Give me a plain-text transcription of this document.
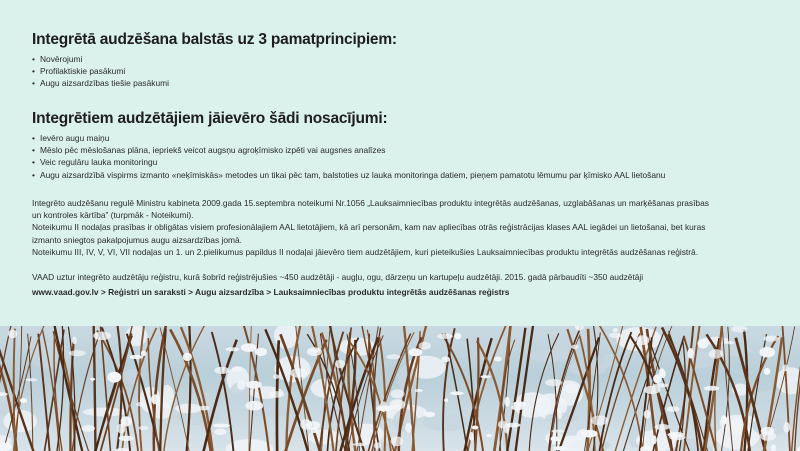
Integrētā audzēšana balstās uz 3 pamatprincipiem:
• Novērojumi
• Profilaktiskie pasākumi
• Augu aizsardzības tiešie pasākumi
Integrētiem audzētājiem jāievēro šādi nosacījumi:
• Ievēro augu maiņu
• Mēslo pēc mēslošanas plāna, iepriekš veicot augsņu agroķīmisko izpēti vai augsnes analīzes
• Veic regulāru lauka monitoringu
• Augu aizsardzībā vispirms izmanto «neķīmiskās» metodes un tikai pēc tam, balstoties uz lauka monitoringa datiem, pieņem pamatotu lēmumu par ķīmisko AAL lietošanu
Integrēto audzēšanu regulē Ministru kabineta 2009.gada 15.septembra noteikumi Nr.1056 „Lauksaimniecības produktu integrētās audzēšanas, uzglabāšanas un marķēšanas prasības
un kontroles kārtība” (turpmāk - Noteikumi).
Noteikumu II nodaļas prasības ir obligātas visiem profesionālajiem AAL lietotājiem, kā arī personām, kam nav apliecības otrās reģistrācijas klases AAL iegādei un lietošanai, bet kuras
izmanto sniegtos pakalpojumus augu aizsardzības jomā.
Noteikumu III, IV, V, VI, VII nodaļas un 1. un 2.pielikumus papildus II nodaļai jāievēro tiem audzētājiem, kuri pieteikušies Lauksaimniecības produktu integrētās audzēšanas reģistrā.
VAAD uztur integrēto audzētāju reģistru, kurā šobrīd reģistrējušies ~450 audzētāji - augļu, ogu, dārzeņu un kartupeļu audzētāji. 2015. gadā pārbaudīti ~350 audzētāji
www.vaad.gov.lv > Reģistri un saraksti > Augu aizsardzība > Lauksaimniecības produktu integrētās audzēšanas reģistrs
